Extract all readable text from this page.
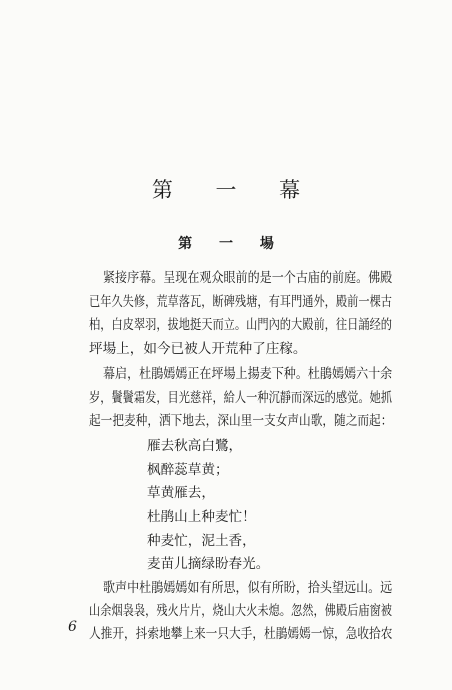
第 一 幕
第 一 場
紧接序幕。呈现在观众眼前的是一个古庙的前庭。佛殿
已年久失修，荒草落瓦，断碑残塘，有耳門通外，殿前一棵古
柏，白皮翠羽，拔地挺天而立。山門內的大殿前，往日誦经的
坪場上，如今已被人开荒种了庄稼。
幕启，杜鵑嫣嫣正在坪場上揚麦下种。杜鵑嫣嫣六十余
岁，鬢鬢霜发，目光慈祥，給人一种沉靜而深远的感觉。她抓
起一把麦种，洒下地去，深山里一支女声山歌，随之而起：
雁去秋高白鷺，
枫醉蕊草黄；
草黄雁去，
杜鹃山上种麦忙！
种麦忙，泥土香，
麦苗儿摘绿盼春光。
歌声中杜鵑嫣嫣如有所思，似有所盼，拾头望远山。远
山余烟袅袅，残火片片，烧山大火未熄。忽然，佛殿后庙窗被
人推开，抖索地攀上来一只大手，杜鵑嫣嫣一惊，急收拾农
6
